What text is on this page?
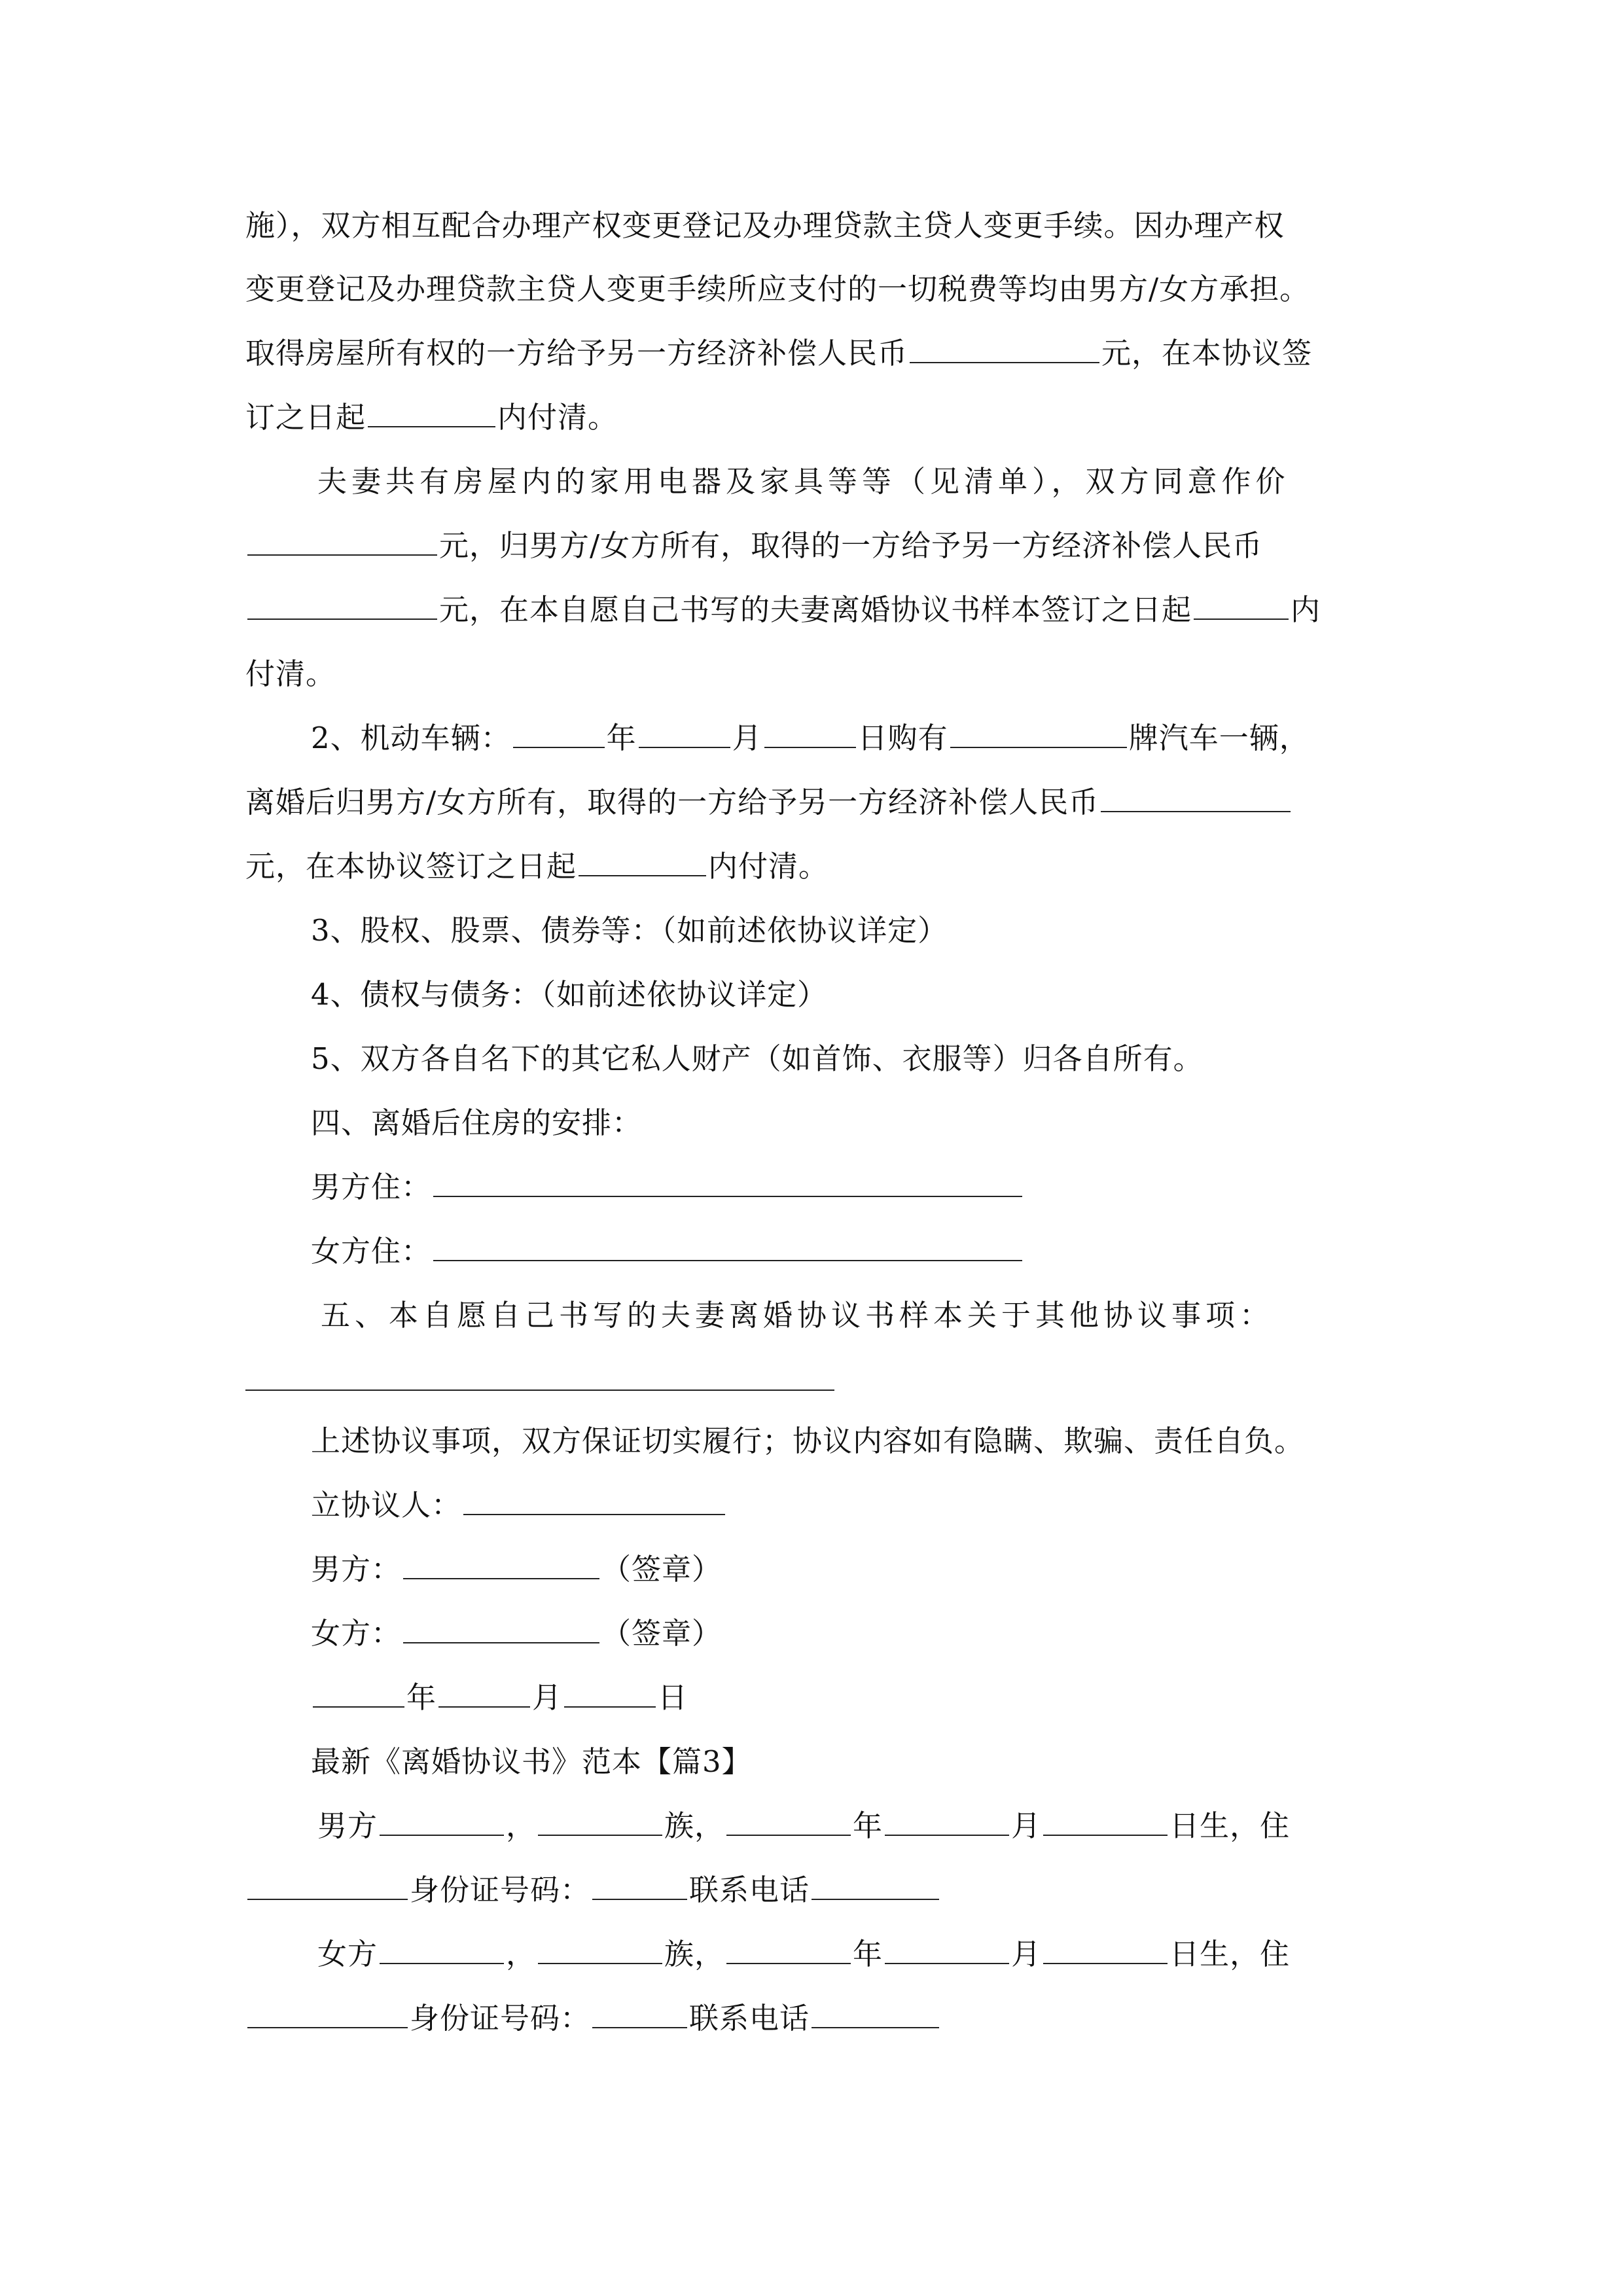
施），双方相互配合办理产权变更登记及办理贷款主贷人变更手续。因办理产权
变更登记及办理贷款主贷人变更手续所应支付的一切税费等均由男方/女方承担。
取得房屋所有权的一方给予另一方经济补偿人民币	元，在本协议签
订之日起	内付清。
夫妻共有房屋内的家用电器及家具等等（见清单），双方同意作价
元，归男方/女方所有，取得的一方给予另一方经济补偿人民币
元，在本自愿自己书写的夫妻离婚协议书样本签订之日起	内
付清。
2、机动车辆：	年	月	日购有	牌汽车一辆，
离婚后归男方/女方所有，取得的一方给予另一方经济补偿人民币
元，在本协议签订之日起	内付清。
3、股权、股票、债券等：（如前述依协议详定）
4、债权与债务：（如前述依协议详定）
5、双方各自名下的其它私人财产（如首饰、衣服等）归各自所有。
四、离婚后住房的安排：
男方住：
女方住：
五、本自愿自己书写的夫妻离婚协议书样本关于其他协议事项：
上述协议事项，双方保证切实履行；协议内容如有隐瞒、欺骗、责任自负。
立协议人：
男方：	（签章）
女方：	（签章）
年	月	日
最新《离婚协议书》范本【篇3】
男方	，	族，	年	月	日生，住
身份证号码：	联系电话
女方	，	族，	年	月	日生，住
身份证号码：	联系电话
